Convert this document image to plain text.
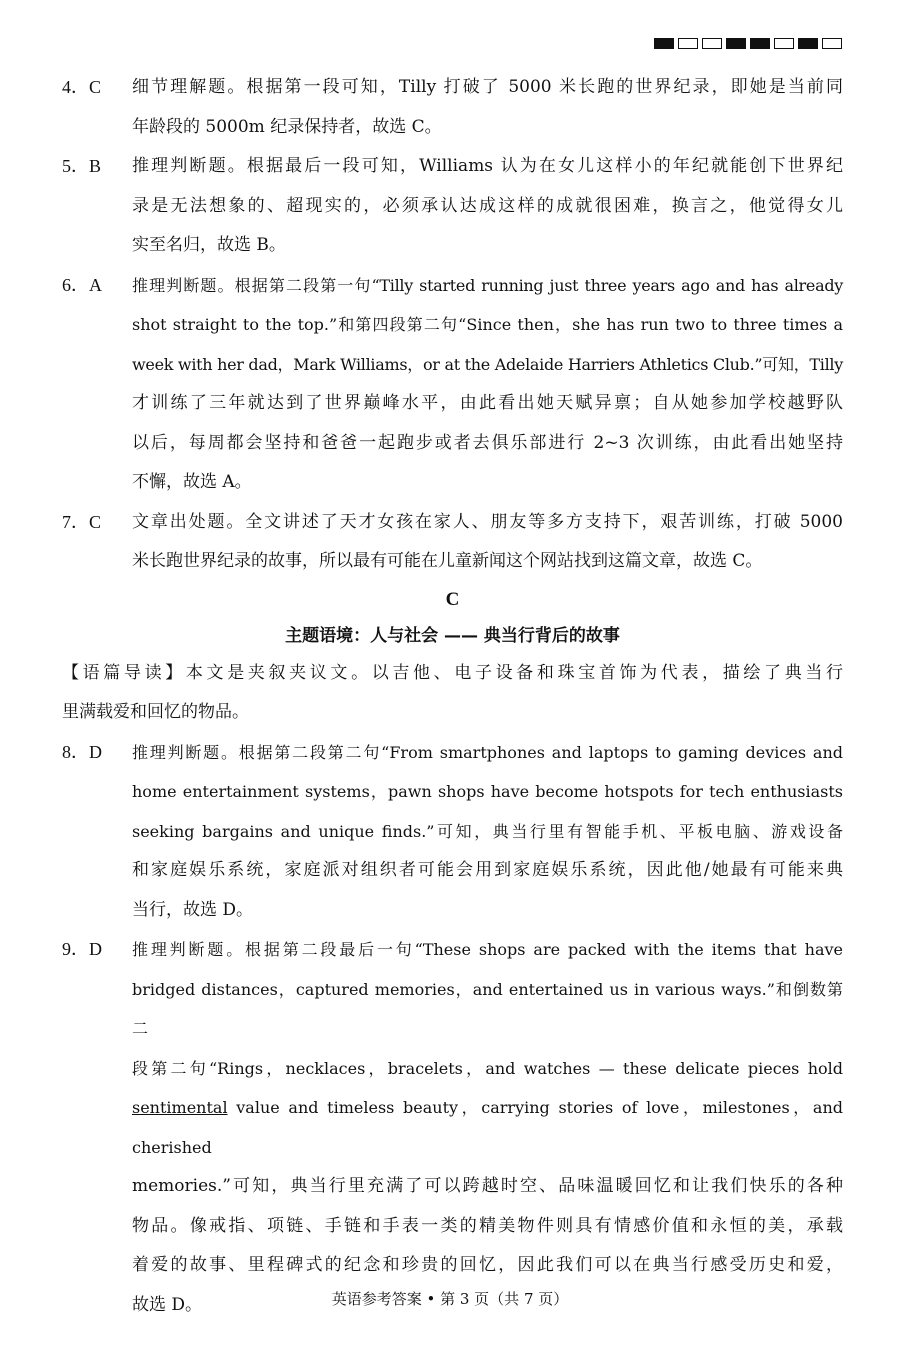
4．C	细节理解题。根据第一段可知，Tilly 打破了 5000 米长跑的世界纪录，即她是当前同
年龄段的 5000m 纪录保持者，故选 C。
5．B	推理判断题。根据最后一段可知，Williams 认为在女儿这样小的年纪就能创下世界纪
录是无法想象的、超现实的，必须承认达成这样的成就很困难，换言之，他觉得女儿
实至名归，故选 B。
6．A	推理判断题。根据第二段第一句“Tilly started running just three years ago and has already
shot straight to the top.”和第四段第二句“Since then，she has run two to three times a
week with her dad，Mark Williams，or at the Adelaide Harriers Athletics Club.”可知，Tilly
才训练了三年就达到了世界巅峰水平，由此看出她天赋异禀；自从她参加学校越野队
以后，每周都会坚持和爸爸一起跑步或者去俱乐部进行 2~3 次训练，由此看出她坚持
不懈，故选 A。
7．C	文章出处题。全文讲述了天才女孩在家人、朋友等多方支持下，艰苦训练，打破 5000
米长跑世界纪录的故事，所以最有可能在儿童新闻这个网站找到这篇文章，故选 C。
C
主题语境：人与社会 —— 典当行背后的故事
【语篇导读】本文是夹叙夹议文。以吉他、电子设备和珠宝首饰为代表，描绘了典当行
里满载爱和回忆的物品。
8．D	推理判断题。根据第二段第二句“From smartphones and laptops to gaming devices and
home entertainment systems，pawn shops have become hotspots for tech enthusiasts
seeking bargains and unique finds.”可知，典当行里有智能手机、平板电脑、游戏设备
和家庭娱乐系统，家庭派对组织者可能会用到家庭娱乐系统，因此他/她最有可能来典
当行，故选 D。
9．D	推理判断题。根据第二段最后一句“These shops are packed with the items that have
bridged distances，captured memories，and entertained us in various ways.”和倒数第二
段第二句“Rings，necklaces，bracelets，and watches — these delicate pieces hold
sentimental value and timeless beauty，carrying stories of love，milestones，and cherished
memories.”可知，典当行里充满了可以跨越时空、品味温暖回忆和让我们快乐的各种
物品。像戒指、项链、手链和手表一类的精美物件则具有情感价值和永恒的美，承载
着爱的故事、里程碑式的纪念和珍贵的回忆，因此我们可以在典当行感受历史和爱，
故选 D。	英语参考答案 • 第 3 页（共 7 页）
